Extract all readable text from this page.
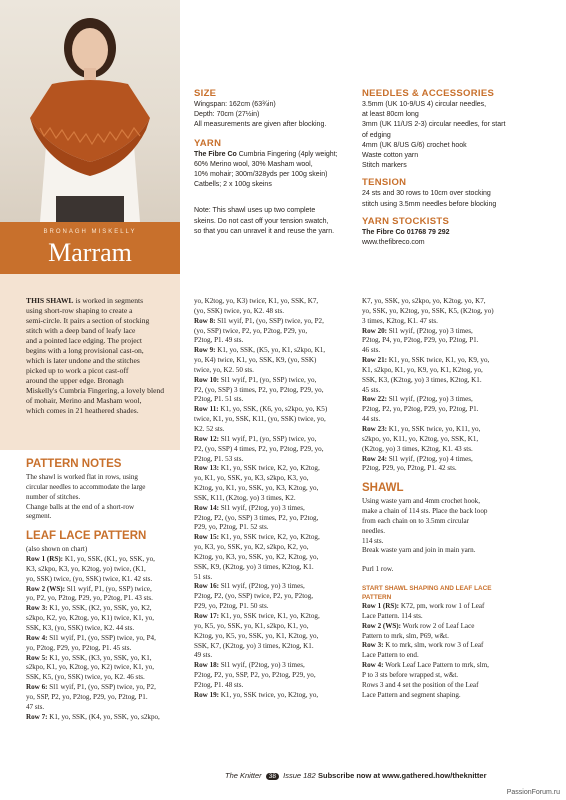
BRONAGH MISKELLY
Marram
SIZE

Wingspan: 162cm (63¾in)

Depth: 70cm (27½in)

All measurements are given after blocking.

YARN

The Fibre Co Cumbria Fingering (4ply weight;

60% Merino wool, 30% Masham wool,

10% mohair; 300m/328yds per 100g skein)

Catbells; 2 x 100g skeins

Note: This shawl uses up two complete

skeins. Do not cast off your tension swatch,

so that you can unravel it and reuse the yarn.

NEEDLES & ACCESSORIES

3.5mm (UK 10-9/US 4) circular needles,

at least 80cm long

3mm (UK 11/US 2-3) circular needles, for start

of edging

4mm (UK 8/US G/6) crochet hook

Waste cotton yarn

Stitch markers

TENSION

24 sts and 30 rows to 10cm over stocking

stitch using 3.5mm needles before blocking

YARN STOCKISTS

The Fibre Co 01768 79 292

www.thefibreco.com

THIS SHAWL is worked in segments

using short-row shaping to create a

semi-circle. It pairs a section of stocking

stitch with a deep band of leafy lace

and a pointed lace edging. The project

begins with a long provisional cast-on,

which is later undone and the stitches

picked up to work a picot cast-off

around the upper edge. Bronagh

Miskelly's Cumbria Fingering, a lovely blend

of mohair, Merino and Masham wool,

which comes in 21 heathered shades.

PATTERN NOTES

The shawl is worked flat in rows, using

circular needles to accommodate the large

number of stitches.

Change balls at the end of a short-row

segment.

LEAF LACE PATTERN

(also shown on chart)

Row 1 (RS): K1, yo, SSK, (K1, yo, SSK, yo,

K3, s2kpo, K3, yo, K2tog, yo) twice, (K1,

yo, SSK) twice, (yo, SSK) twice, K1. 42 sts.

Row 2 (WS): Sl1 wyif, P1, (yo, SSP) twice,

yo, P2, yo, P2tog, P29, yo, P2tog, P1. 43 sts.

Row 3: K1, yo, SSK, (K2, yo, SSK, yo, K2,

s2kpo, K2, yo, K2tog, yo, K1) twice, K1, yo,

SSK, K3, (yo, SSK) twice, K2. 44 sts.

Row 4: Sl1 wyif, P1, (yo, SSP) twice, yo, P4,

yo, P2tog, P29, yo, P2tog, P1. 45 sts.

Row 5: K1, yo, SSK, (K3, yo, SSK, yo, K1,

s2kpo, K1, yo, K2tog, yo, K2) twice, K1, yo,

SSK, K5, (yo, SSK) twice, yo, K2. 46 sts.

Row 6: Sl1 wyif, P1, (yo, SSP) twice, yo, P2,

yo, SSP, P2, yo, P2tog, P29, yo, P2tog, P1.

47 sts.

Row 7: K1, yo, SSK, (K4, yo, SSK, yo, s2kpo,

yo, K2tog, yo, K3) twice, K1, yo, SSK, K7,

(yo, SSK) twice, yo, K2. 48 sts.

Row 8: Sl1 wyif, P1, (yo, SSP) twice, yo, P2,

(yo, SSP) twice, P2, yo, P2tog, P29, yo,

P2tog, P1. 49 sts.

Row 9: K1, yo, SSK, (K5, yo, K1, s2kpo, K1,

yo, K4) twice, K1, yo, SSK, K9, (yo, SSK)

twice, yo, K2. 50 sts.

Row 10: Sl1 wyif, P1, (yo, SSP) twice, yo,

P2, (yo, SSP) 3 times, P2, yo, P2tog, P29, yo,

P2tog, P1. 51 sts.

Row 11: K1, yo, SSK, (K6, yo, s2kpo, yo, K5)

twice, K1, yo, SSK, K11, (yo, SSK) twice, yo,

K2. 52 sts.

Row 12: Sl1 wyif, P1, (yo, SSP) twice, yo,

P2, (yo, SSP) 4 times, P2, yo, P2tog, P29, yo,

P2tog, P1. 53 sts.

Row 13: K1, yo, SSK twice, K2, yo, K2tog,

yo, K1, yo, SSK, yo, K3, s2kpo, K3, yo,

K2tog, yo, K1, yo, SSK, yo, K3, K2tog, yo,

SSK, K11, (K2tog, yo) 3 times, K2.

Row 14: Sl1 wyif, (P2tog, yo) 3 times,

P2tog, P2, (yo, SSP) 3 times, P2, yo, P2tog,

P29, yo, P2tog, P1. 52 sts.

Row 15: K1, yo, SSK twice, K2, yo, K2tog,

yo, K3, yo, SSK, yo, K2, s2kpo, K2, yo,

K2tog, yo, K3, yo, SSK, yo, K2, K2tog, yo,

SSK, K9, (K2tog, yo) 3 times, K2tog, K1.

51 sts.

Row 16: Sl1 wyif, (P2tog, yo) 3 times,

P2tog, P2, (yo, SSP) twice, P2, yo, P2tog,

P29, yo, P2tog, P1. 50 sts.

Row 17: K1, yo, SSK twice, K1, yo, K2tog,

yo, K5, yo, SSK, yo, K1, s2kpo, K1, yo,

K2tog, yo, K5, yo, SSK, yo, K1, K2tog, yo,

SSK, K7, (K2tog, yo) 3 times, K2tog, K1.

49 sts.

Row 18: Sl1 wyif, (P2tog, yo) 3 times,

P2tog, P2, yo, SSP, P2, yo, P2tog, P29, yo,

P2tog, P1. 48 sts.

Row 19: K1, yo, SSK twice, yo, K2tog, yo,

K7, yo, SSK, yo, s2kpo, yo, K2tog, yo, K7,

yo, SSK, yo, K2tog, yo, SSK, K5, (K2tog, yo)

3 times, K2tog, K1. 47 sts.

Row 20: Sl1 wyif, (P2tog, yo) 3 times,

P2tog, P4, yo, P2tog, P29, yo, P2tog, P1.

46 sts.

Row 21: K1, yo, SSK twice, K1, yo, K9, yo,

K1, s2kpo, K1, yo, K9, yo, K1, K2tog, yo,

SSK, K3, (K2tog, yo) 3 times, K2tog, K1.

45 sts.

Row 22: Sl1 wyif, (P2tog, yo) 3 times,

P2tog, P2, yo, P2tog, P29, yo, P2tog, P1.

44 sts.

Row 23: K1, yo, SSK twice, yo, K11, yo,

s2kpo, yo, K11, yo, K2tog, yo, SSK, K1,

(K2tog, yo) 3 times, K2tog, K1. 43 sts.

Row 24: Sl1 wyif, (P2tog, yo) 4 times,

P2tog, P29, yo, P2tog, P1. 42 sts.

SHAWL

Using waste yarn and 4mm crochet hook,

make a chain of 114 sts. Place the back loop

from each chain on to 3.5mm circular

needles.

114 sts.

Break waste yarn and join in main yarn.

Purl 1 row.

START SHAWL SHAPING AND LEAF LACE
PATTERN

Row 1 (RS): K72, pm, work row 1 of Leaf

Lace Pattern. 114 sts.

Row 2 (WS): Work row 2 of Leaf Lace

Pattern to mrk, slm, P69, w&t.

Row 3: K to mrk, slm, work row 3 of Leaf

Lace Pattern to end.

Row 4: Work Leaf Lace Pattern to mrk, slm,

P to 3 sts before wrapped st, w&t.

Rows 3 and 4 set the position of the Leaf

Lace Pattern and segment shaping.

The Knitter 38 Issue 182 Subscribe now at www.gathered.how/theknitter
PassionForum.ru
